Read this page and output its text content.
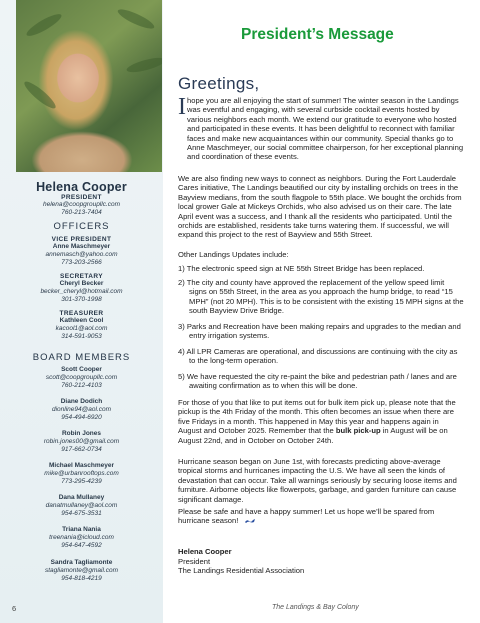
Helena Cooper
PRESIDENT
helena@coopgroupllc.com
760-213-7404
OFFICERS
VICE PRESIDENT
Anne Maschmeyer
annemasch@yahoo.com
773-203-2566
SECRETARY
Cheryl Becker
becker_cheryl@hotmail.com
301-370-1998
TREASURER
Kathleen Cool
kacool1@aol.com
314-591-9053
BOARD MEMBERS
Scott Cooper
scott@coopgroupllc.com
760-212-4103
Diane Dodich
dionline94@aol.com
954-494-6920
Robin Jones
robin.jones00@gmail.com
917-662-0734
Michael Maschmeyer
mike@urbanrooftops.com
773-295-4239
Dana Mullaney
danatmullaney@aol.com
954-675-3531
Triana Nania
treenania@icloud.com
954-647-4592
Sandra Tagliamonte
stagliamonte@gmail.com
954-818-4219
President’s Message
Greetings,
I hope you are all enjoying the start of summer! The winter season in the Landings was eventful and engaging, with several curbside cocktail events hosted by various neighbors each month. We extend our gratitude to everyone who hosted and participated in these events. It has been delightful to reconnect with familiar faces and make new acquaintances within our community. Special thanks go to Anne Maschmeyer, our social committee chairperson, for her exceptional planning and coordination of these events.
We are also finding new ways to connect as neighbors. During the Fort Lauderdale Cares initiative, The Landings beautified our city by installing orchids on trees in the Bayview medians, from the south flagpole to 55th place. We bought the orchids from local grower Gale at Mickeys Orchids, who also advised us on their care. The late April event was a success, and I thank all the residents who participated. Until the orchids are established, residents take turns watering them. If successful, we will expand this project to the rest of Bayview and 55th Street.
Other Landings Updates include:
1) The electronic speed sign at NE 55th Street Bridge has been replaced.
2) The city and county have approved the replacement of the yellow speed limit signs on 55th Street, in the area as you approach the hump bridge, to read “15 MPH” (not 20 MPH). This is to be consistent with the existing 15 MPH signs at the south Bayview Drive Bridge.
3) Parks and Recreation have been making repairs and upgrades to the median and entry irrigation systems.
4) All LPR Cameras are operational, and discussions are continuing with the city as to the long-term operation.
5) We have requested the city re-paint the bike and pedestrian path / lanes and are awaiting confirmation as to when this will be done.
For those of you that like to put items out for bulk item pick up, please note that the pickup is the 4th Friday of the month. This often becomes an issue when there are five Fridays in a month. This happened in May this year and happens again in August and October 2025. Remember that the bulk pick-up in August will be on August 22nd, and in October on October 24th.
Hurricane season began on June 1st, with forecasts predicting above-average tropical storms and hurricanes impacting the U.S. We have all seen the kinds of devastation that can occur. Take all warnings seriously by securing loose items and furniture. Airborne objects like flowerpots, garbage, and garden furniture can cause significant damage.
Please be safe and have a happy summer! Let us hope we’ll be spared from hurricane season!
Helena Cooper
President
The Landings Residential Association
6	The Landings & Bay Colony
